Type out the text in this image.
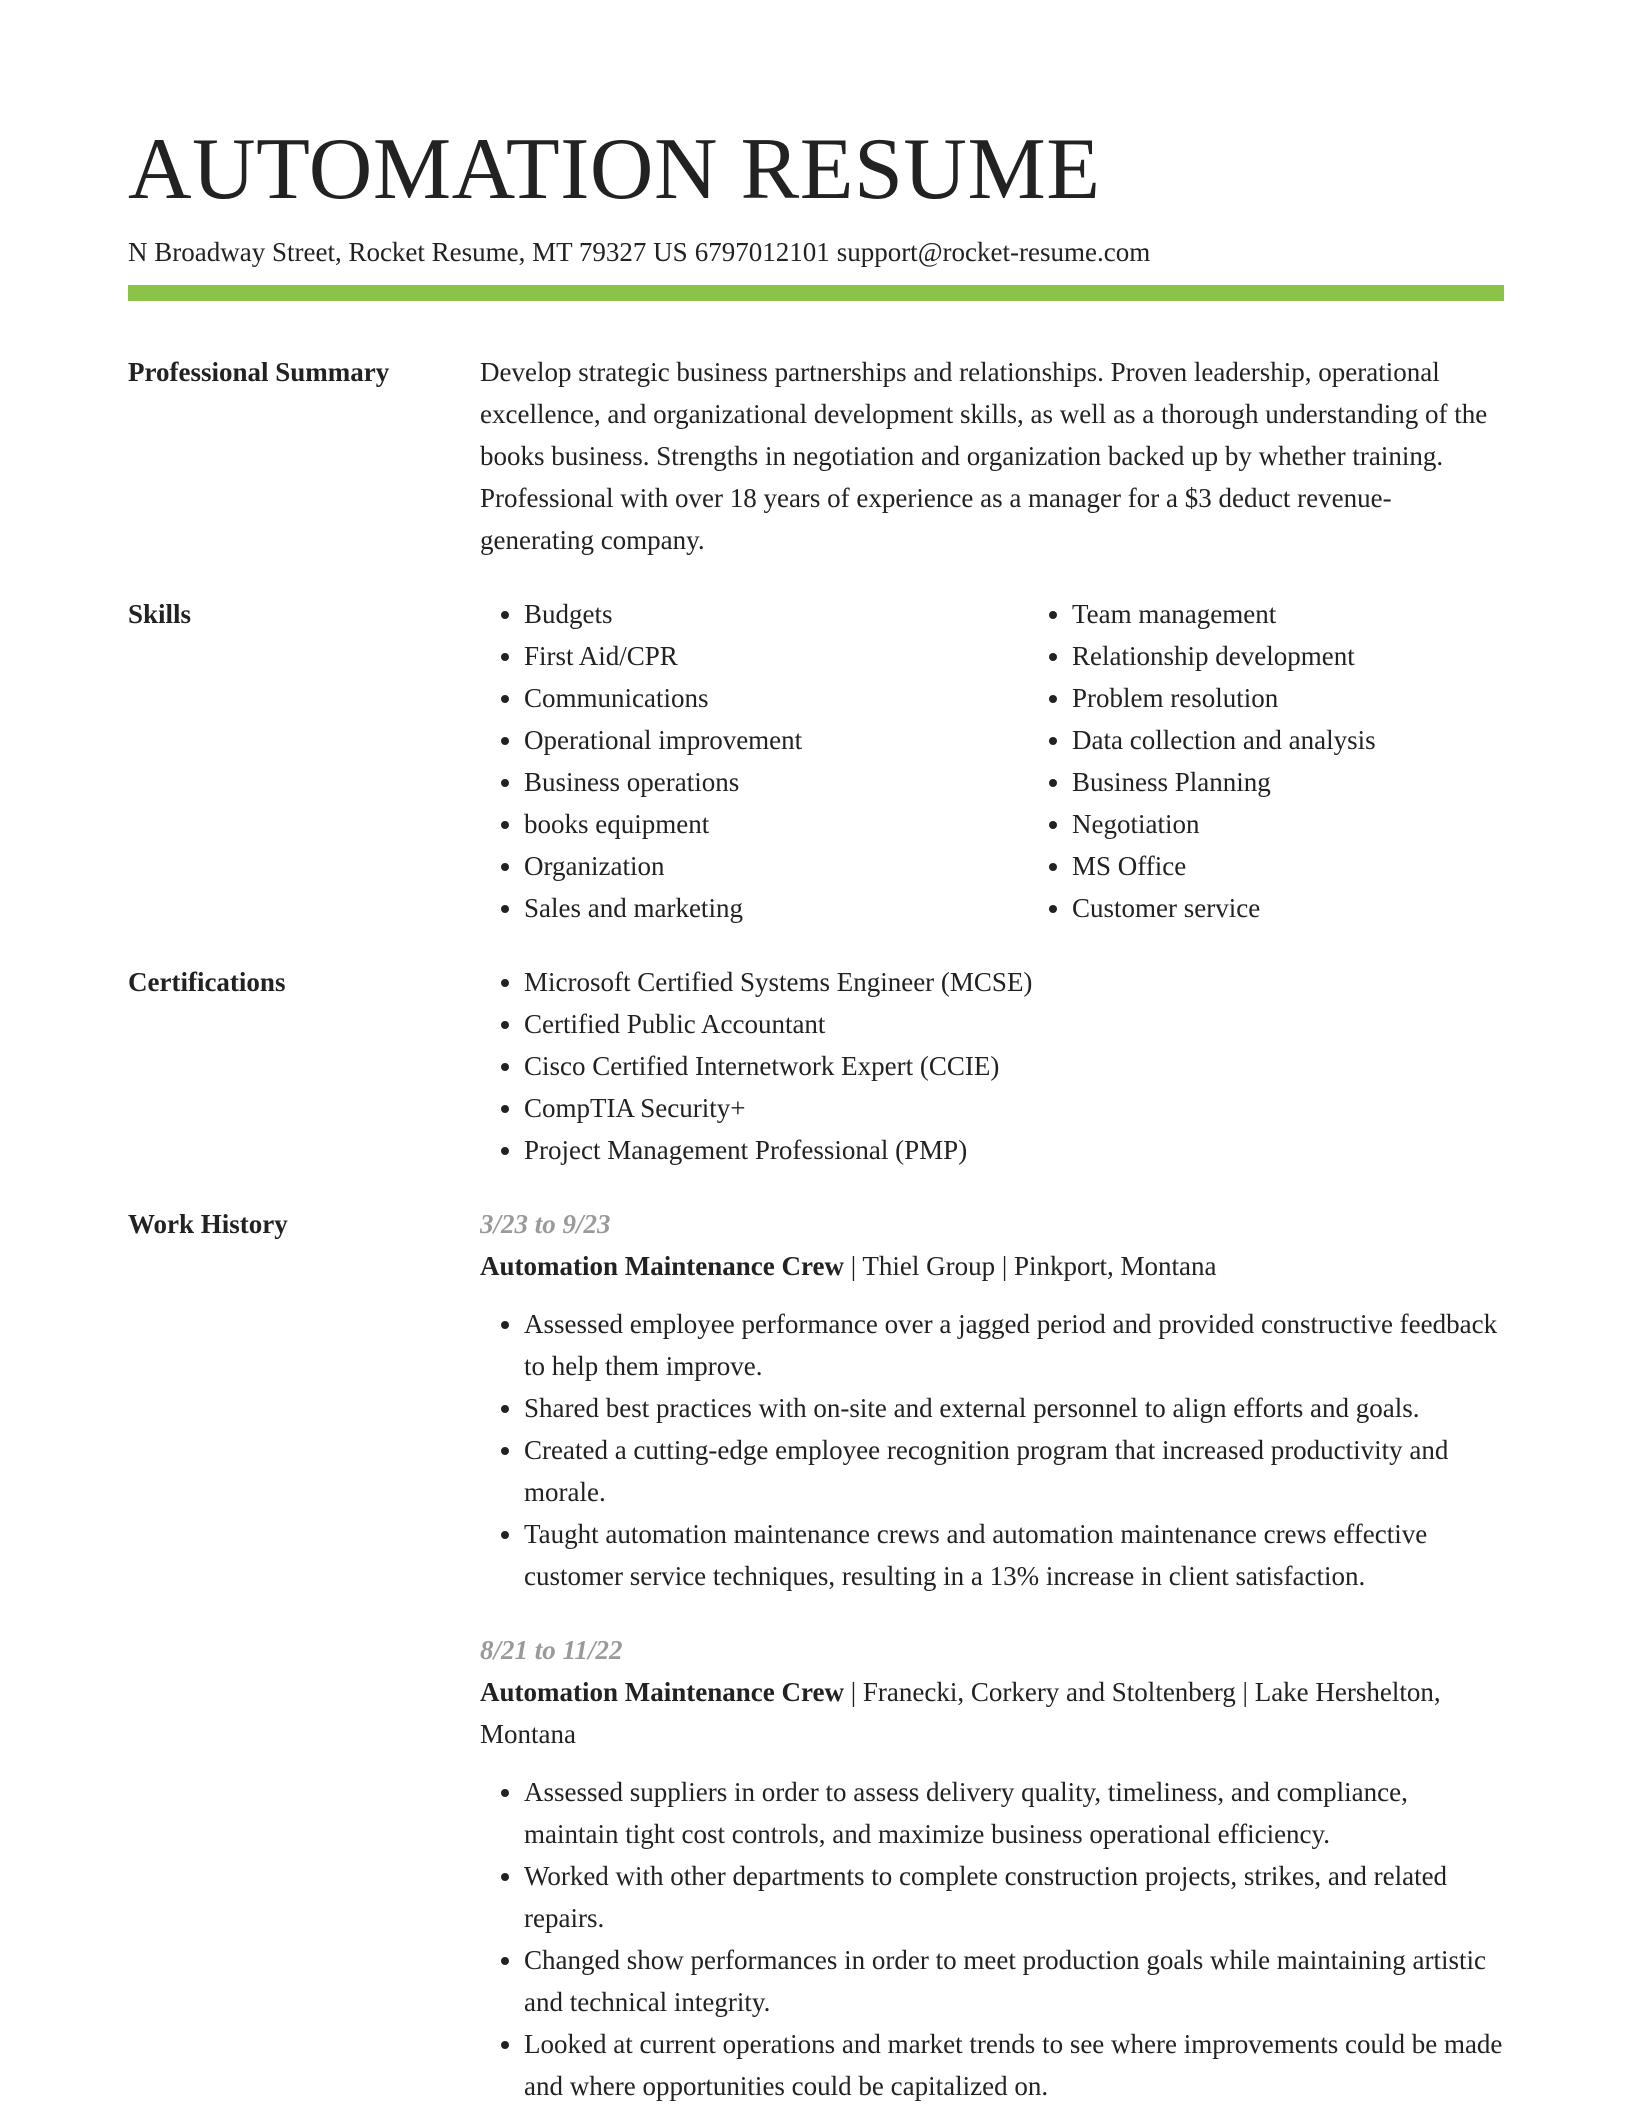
AUTOMATION RESUME
N Broadway Street, Rocket Resume, MT 79327 US 6797012101 support@rocket-resume.com
Professional Summary	Develop strategic business partnerships and relationships. Proven leadership, operational excellence, and organizational development skills, as well as a thorough understanding of the books business. Strengths in negotiation and organization backed up by whether training. Professional with over 18 years of experience as a manager for a $3 deduct revenue-generating company.

Skills	• Budgets
• First Aid/CPR
• Communications
• Operational improvement
• Business operations
• books equipment
• Organization
• Sales and marketing
• Team management
• Relationship development
• Problem resolution
• Data collection and analysis
• Business Planning
• Negotiation
• MS Office
• Customer service
Certifications	• Microsoft Certified Systems Engineer (MCSE)
• Certified Public Accountant
• Cisco Certified Internetwork Expert (CCIE)
• CompTIA Security+
• Project Management Professional (PMP)
Work History	3/23 to 9/23
Automation Maintenance Crew | Thiel Group | Pinkport, Montana
• Assessed employee performance over a jagged period and provided constructive feedback to help them improve.
• Shared best practices with on-site and external personnel to align efforts and goals.
• Created a cutting-edge employee recognition program that increased productivity and morale.
• Taught automation maintenance crews and automation maintenance crews effective customer service techniques, resulting in a 13% increase in client satisfaction.
8/21 to 11/22
Automation Maintenance Crew | Franecki, Corkery and Stoltenberg | Lake Hershelton, Montana
• Assessed suppliers in order to assess delivery quality, timeliness, and compliance, maintain tight cost controls, and maximize business operational efficiency.
• Worked with other departments to complete construction projects, strikes, and related repairs.
• Changed show performances in order to meet production goals while maintaining artistic and technical integrity.
• Looked at current operations and market trends to see where improvements could be made and where opportunities could be capitalized on.
